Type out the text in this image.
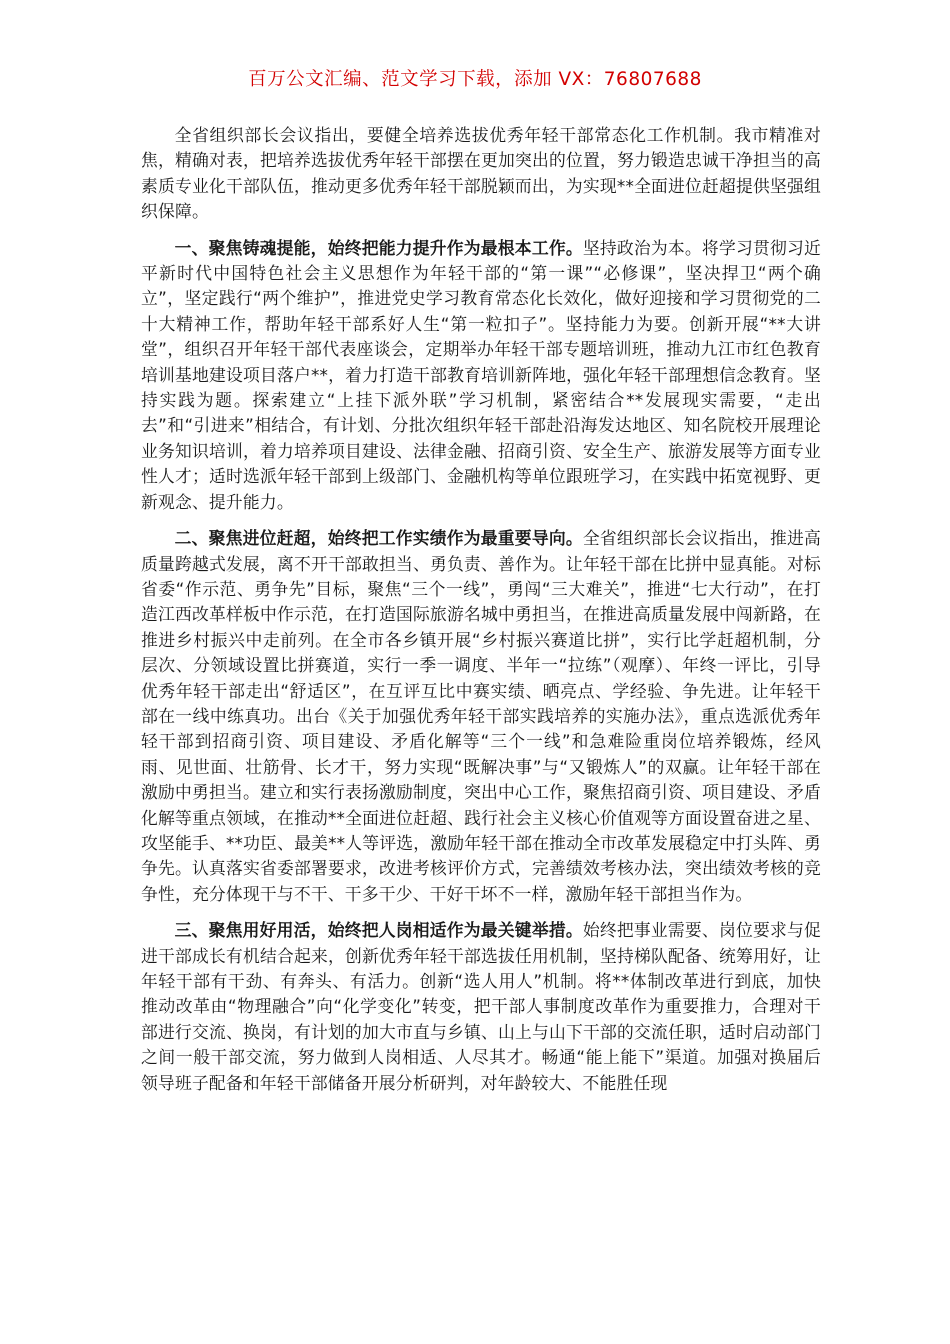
百万公文汇编、范文学习下载，添加 VX：76807688

全省组织部长会议指出，要健全培养选拔优秀年轻干部常态化工作机制。我市精准对焦，精确对表，把培养选拔优秀年轻干部摆在更加突出的位置，努力锻造忠诚干净担当的高素质专业化干部队伍，推动更多优秀年轻干部脱颖而出，为实现**全面进位赶超提供坚强组织保障。

一、聚焦铸魂提能，始终把能力提升作为最根本工作。坚持政治为本。将学习贯彻习近平新时代中国特色社会主义思想作为年轻干部的“第一课”“必修课”，坚决捍卫“两个确立”，坚定践行“两个维护”，推进党史学习教育常态化长效化，做好迎接和学习贯彻党的二十大精神工作，帮助年轻干部系好人生“第一粒扣子”。坚持能力为要。创新开展“**大讲堂”，组织召开年轻干部代表座谈会，定期举办年轻干部专题培训班，推动九江市红色教育培训基地建设项目落户**，着力打造干部教育培训新阵地，强化年轻干部理想信念教育。坚持实践为题。探索建立“上挂下派外联”学习机制，紧密结合**发展现实需要，“走出去”和“引进来”相结合，有计划、分批次组织年轻干部赴沿海发达地区、知名院校开展理论业务知识培训，着力培养项目建设、法律金融、招商引资、安全生产、旅游发展等方面专业性人才；适时选派年轻干部到上级部门、金融机构等单位跟班学习，在实践中拓宽视野、更新观念、提升能力。

二、聚焦进位赶超，始终把工作实绩作为最重要导向。全省组织部长会议指出，推进高质量跨越式发展，离不开干部敢担当、勇负责、善作为。让年轻干部在比拼中显真能。对标省委“作示范、勇争先”目标，聚焦“三个一线”，勇闯“三大难关”，推进“七大行动”，在打造江西改革样板中作示范，在打造国际旅游名城中勇担当，在推进高质量发展中闯新路，在推进乡村振兴中走前列。在全市各乡镇开展“乡村振兴赛道比拼”，实行比学赶超机制，分层次、分领域设置比拼赛道，实行一季一调度、半年一“拉练”（观摩）、年终一评比，引导优秀年轻干部走出“舒适区”，在互评互比中赛实绩、晒亮点、学经验、争先进。让年轻干部在一线中练真功。出台《关于加强优秀年轻干部实践培养的实施办法》，重点选派优秀年轻干部到招商引资、项目建设、矛盾化解等“三个一线”和急难险重岗位培养锻炼，经风雨、见世面、壮筋骨、长才干，努力实现“既解决事”与“又锻炼人”的双赢。让年轻干部在激励中勇担当。建立和实行表扬激励制度，突出中心工作，聚焦招商引资、项目建设、矛盾化解等重点领域，在推动**全面进位赶超、践行社会主义核心价值观等方面设置奋进之星、攻坚能手、**功臣、最美**人等评选，激励年轻干部在推动全市改革发展稳定中打头阵、勇争先。认真落实省委部署要求，改进考核评价方式，完善绩效考核办法，突出绩效考核的竞争性，充分体现干与不干、干多干少、干好干坏不一样，激励年轻干部担当作为。

三、聚焦用好用活，始终把人岗相适作为最关键举措。始终把事业需要、岗位要求与促进干部成长有机结合起来，创新优秀年轻干部选拔任用机制，坚持梯队配备、统筹用好，让年轻干部有干劲、有奔头、有活力。创新“选人用人”机制。将**体制改革进行到底，加快推动改革由“物理融合”向“化学变化”转变，把干部人事制度改革作为重要推力，合理对干部进行交流、换岗，有计划的加大市直与乡镇、山上与山下干部的交流任职，适时启动部门之间一般干部交流，努力做到人岗相适、人尽其才。畅通“能上能下”渠道。加强对换届后领导班子配备和年轻干部储备开展分析研判，对年龄较大、不能胜任现
